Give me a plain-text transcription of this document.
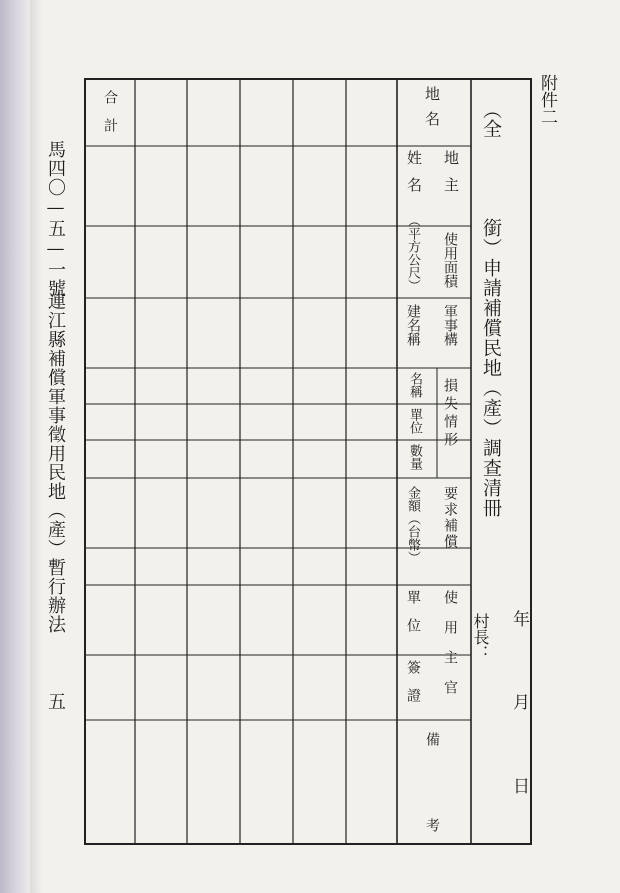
馬四〇—五—一號
連江縣補償軍事徵用民地（產）暫行辦法
五
附件二
（全
銜）申請補償民地（產）調查清冊
村長： 年
月
日
地名
地主
姓名
使用面積
（平方公尺）
軍事構
建名稱
損失情形
名稱
單位
數量
要求補償
金額（台幣）
使用主官
單位
簽證
備
考
合計
